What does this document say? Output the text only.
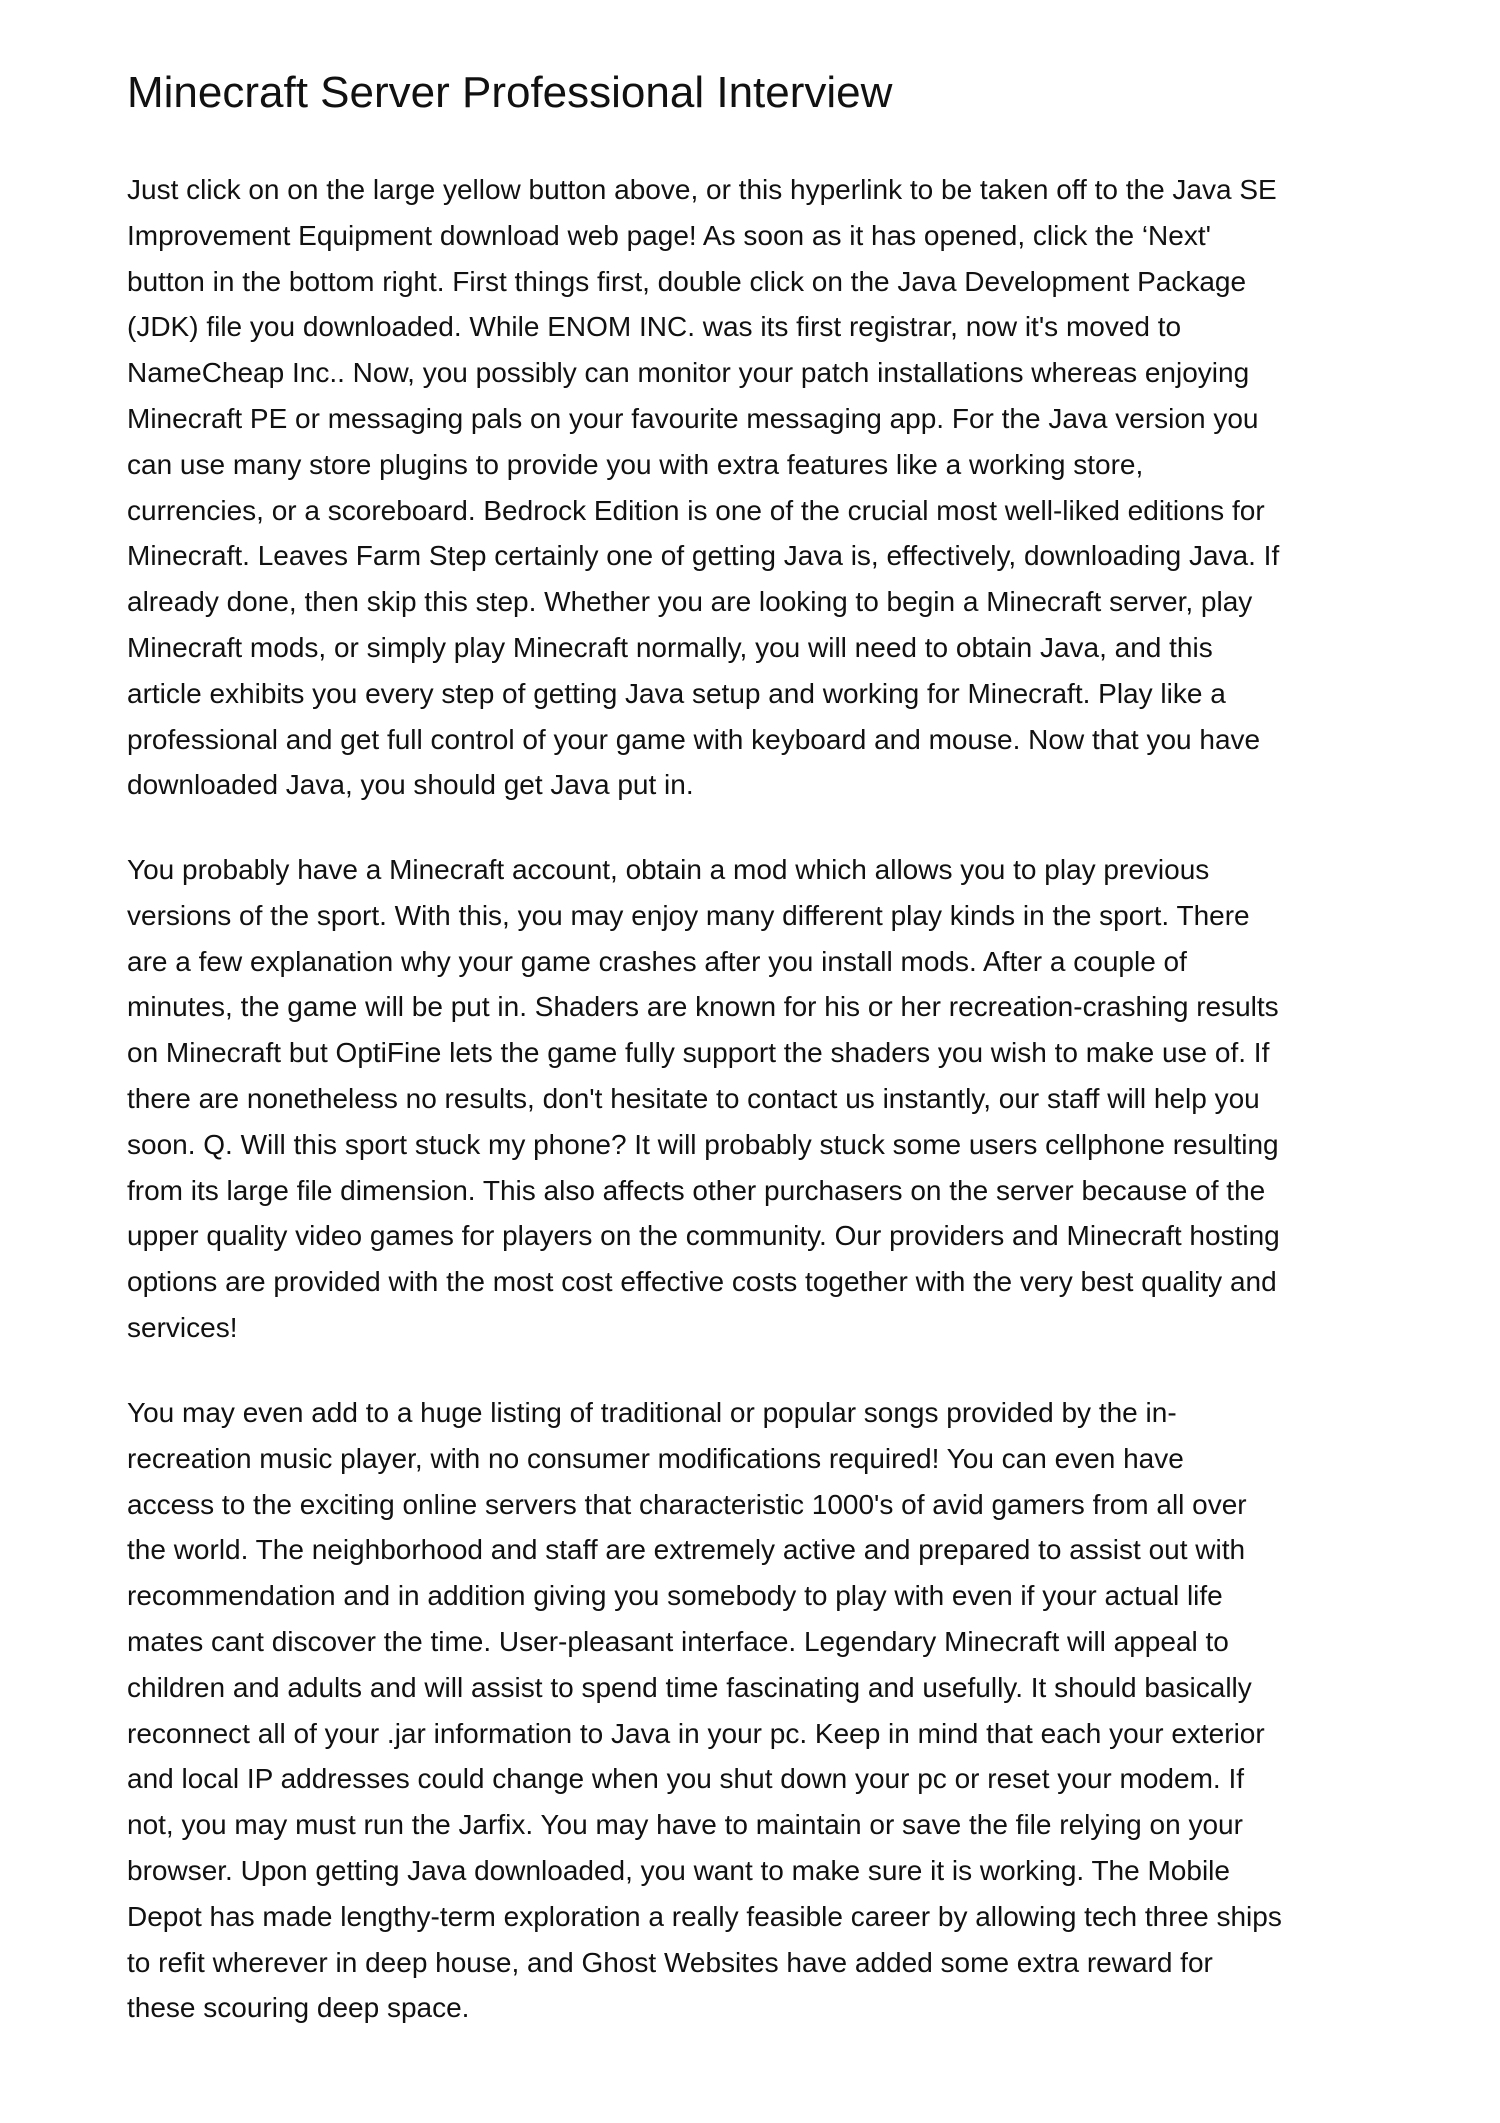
Minecraft Server Professional Interview

Just click on on the large yellow button above, or this hyperlink to be taken off to the Java SE
Improvement Equipment download web page! As soon as it has opened, click the ‘Next'
button in the bottom right. First things first, double click on the Java Development Package
(JDK) file you downloaded. While ENOM INC. was its first registrar, now it's moved to
NameCheap Inc.. Now, you possibly can monitor your patch installations whereas enjoying
Minecraft PE or messaging pals on your favourite messaging app. For the Java version you
can use many store plugins to provide you with extra features like a working store,
currencies, or a scoreboard. Bedrock Edition is one of the crucial most well-liked editions for
Minecraft. Leaves Farm Step certainly one of getting Java is, effectively, downloading Java. If
already done, then skip this step. Whether you are looking to begin a Minecraft server, play
Minecraft mods, or simply play Minecraft normally, you will need to obtain Java, and this
article exhibits you every step of getting Java setup and working for Minecraft. Play like a
professional and get full control of your game with keyboard and mouse. Now that you have
downloaded Java, you should get Java put in.

You probably have a Minecraft account, obtain a mod which allows you to play previous
versions of the sport. With this, you may enjoy many different play kinds in the sport. There
are a few explanation why your game crashes after you install mods. After a couple of
minutes, the game will be put in. Shaders are known for his or her recreation-crashing results
on Minecraft but OptiFine lets the game fully support the shaders you wish to make use of. If
there are nonetheless no results, don't hesitate to contact us instantly, our staff will help you
soon. Q. Will this sport stuck my phone? It will probably stuck some users cellphone resulting
from its large file dimension. This also affects other purchasers on the server because of the
upper quality video games for players on the community. Our providers and Minecraft hosting
options are provided with the most cost effective costs together with the very best quality and
services!

You may even add to a huge listing of traditional or popular songs provided by the in-
recreation music player, with no consumer modifications required! You can even have
access to the exciting online servers that characteristic 1000's of avid gamers from all over
the world. The neighborhood and staff are extremely active and prepared to assist out with
recommendation and in addition giving you somebody to play with even if your actual life
mates cant discover the time. User-pleasant interface. Legendary Minecraft will appeal to
children and adults and will assist to spend time fascinating and usefully. It should basically
reconnect all of your .jar information to Java in your pc. Keep in mind that each your exterior
and local IP addresses could change when you shut down your pc or reset your modem. If
not, you may must run the Jarfix. You may have to maintain or save the file relying on your
browser. Upon getting Java downloaded, you want to make sure it is working. The Mobile
Depot has made lengthy-term exploration a really feasible career by allowing tech three ships
to refit wherever in deep house, and Ghost Websites have added some extra reward for
these scouring deep space.
